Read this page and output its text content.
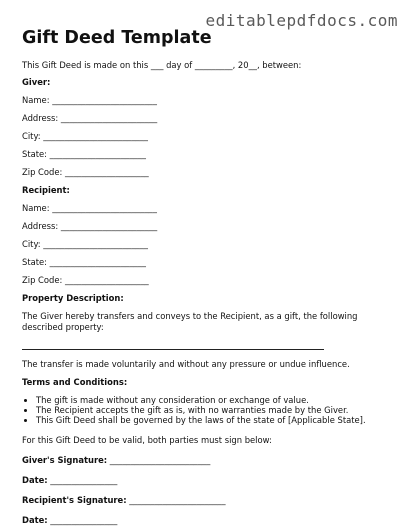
editablepdfdocs.com
Gift Deed Template

This Gift Deed is made on this ___ day of _________, 20__, between:

Giver:

Name: _________________________

Address: _______________________

City: _________________________

State: _______________________

Zip Code: ____________________

Recipient:

Name: _________________________

Address: _______________________

City: _________________________

State: _______________________

Zip Code: ____________________

Property Description:

The Giver hereby transfers and conveys to the Recipient, as a gift, the following described property:

The transfer is made voluntarily and without any pressure or undue influence.

Terms and Conditions:

• The gift is made without any consideration or exchange of value.
• The Recipient accepts the gift as is, with no warranties made by the Giver.
• This Gift Deed shall be governed by the laws of the state of [Applicable State].

For this Gift Deed to be valid, both parties must sign below:

Giver's Signature: ________________________

Date: ________________

Recipient's Signature: _______________________

Date: ________________
